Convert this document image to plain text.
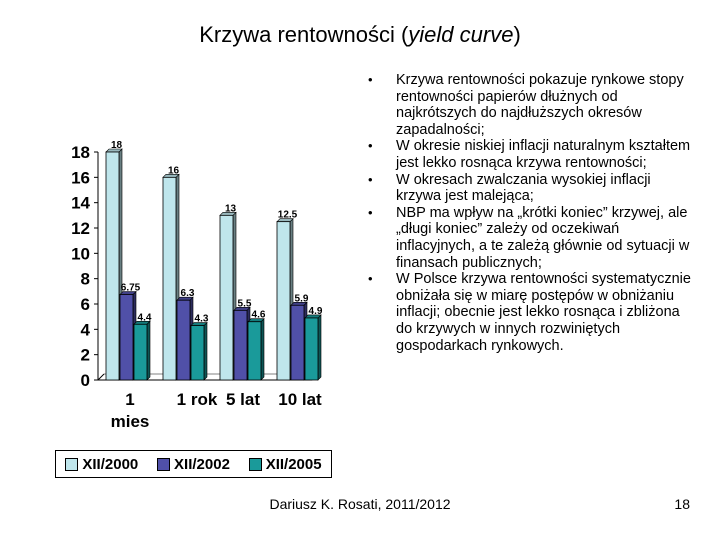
Krzywa rentowności (yield curve)
0
2
4
6
8
10
12
14
16
18 18
6.75
4.4
16
6.3
4.3
13
5.5
4.6
12.5
5.9
4.9
1 mies
1 rok 5 lat 10 lat
XII/2000 XII/2002 XII/2005
• Krzywa rentowności pokazuje rynkowe stopy rentowności papierów dłużnych od najkrótszych do najdłuższych okresów zapadalności;
• W okresie niskiej inflacji naturalnym kształtem jest lekko rosnąca krzywa rentowności;
• W okresach zwalczania wysokiej inflacji krzywa jest malejąca;
• NBP ma wpływ na „krótki koniec” krzywej, ale „długi koniec” zależy od oczekiwań inflacyjnych, a te zależą głównie od sytuacji w finansach publicznych;
• W Polsce krzywa rentowności systematycznie obniżała się w miarę postępów w obniżaniu inflacji; obecnie jest lekko rosnąca i zbliżona do krzywych w innych rozwiniętych gospodarkach rynkowych.
Dariusz K. Rosati, 2011/2012	18
